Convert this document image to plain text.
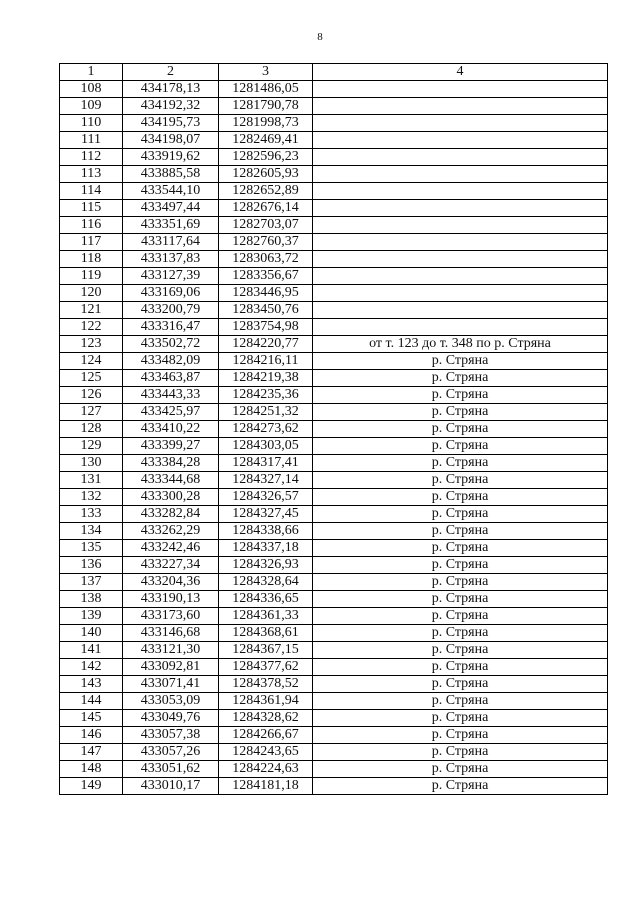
8
1	2	3	4
108	434178,13	1281486,05	
109	434192,32	1281790,78	
110	434195,73	1281998,73	
111	434198,07	1282469,41	
112	433919,62	1282596,23	
113	433885,58	1282605,93	
114	433544,10	1282652,89	
115	433497,44	1282676,14	
116	433351,69	1282703,07	
117	433117,64	1282760,37	
118	433137,83	1283063,72	
119	433127,39	1283356,67	
120	433169,06	1283446,95	
121	433200,79	1283450,76	
122	433316,47	1283754,98	
123	433502,72	1284220,77	от т. 123 до т. 348 по р. Стряна
124	433482,09	1284216,11	р. Стряна
125	433463,87	1284219,38	р. Стряна
126	433443,33	1284235,36	р. Стряна
127	433425,97	1284251,32	р. Стряна
128	433410,22	1284273,62	р. Стряна
129	433399,27	1284303,05	р. Стряна
130	433384,28	1284317,41	р. Стряна
131	433344,68	1284327,14	р. Стряна
132	433300,28	1284326,57	р. Стряна
133	433282,84	1284327,45	р. Стряна
134	433262,29	1284338,66	р. Стряна
135	433242,46	1284337,18	р. Стряна
136	433227,34	1284326,93	р. Стряна
137	433204,36	1284328,64	р. Стряна
138	433190,13	1284336,65	р. Стряна
139	433173,60	1284361,33	р. Стряна
140	433146,68	1284368,61	р. Стряна
141	433121,30	1284367,15	р. Стряна
142	433092,81	1284377,62	р. Стряна
143	433071,41	1284378,52	р. Стряна
144	433053,09	1284361,94	р. Стряна
145	433049,76	1284328,62	р. Стряна
146	433057,38	1284266,67	р. Стряна
147	433057,26	1284243,65	р. Стряна
148	433051,62	1284224,63	р. Стряна
149	433010,17	1284181,18	р. Стряна
